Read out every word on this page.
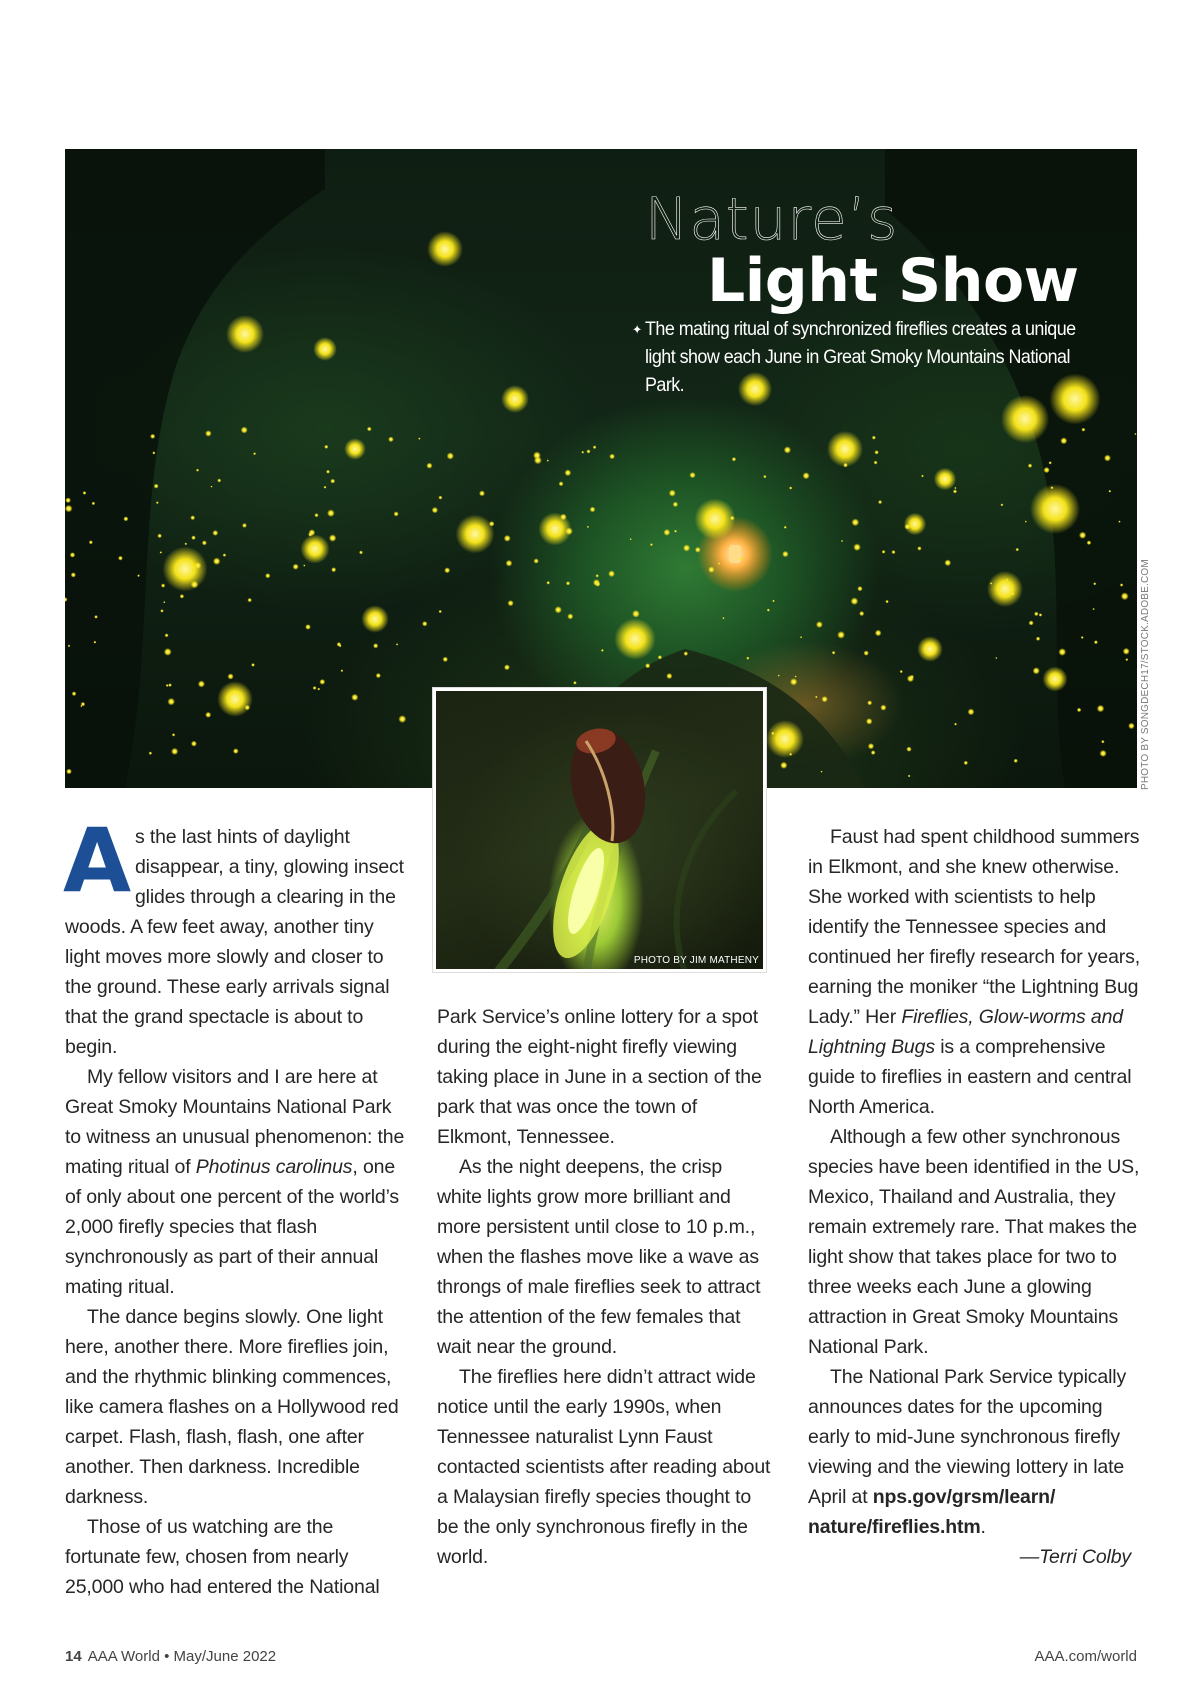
Nature’s
Light Show
✦ The mating ritual of synchronized fireflies creates a unique light show each June in Great Smoky Mountains National Park.
PHOTO BY SONGDECH17/STOCK.ADOBE.COM
PHOTO BY JIM MATHENY

As the last hints of daylight disappear, a tiny, glowing insect glides through a clearing in the woods. A few feet away, another tiny light moves more slowly and closer to the ground. These early arrivals signal that the grand spectacle is about to begin.

My fellow visitors and I are here at Great Smoky Mountains National Park to witness an unusual phenomenon: the mating ritual of Photinus carolinus, one of only about one percent of the world’s 2,000 firefly species that flash synchronously as part of their annual mating ritual.

The dance begins slowly. One light here, another there. More fireflies join, and the rhythmic blinking commences, like camera flashes on a Hollywood red carpet. Flash, flash, flash, one after another. Then darkness. Incredible darkness.

Those of us watching are the fortunate few, chosen from nearly 25,000 who had entered the National

Park Service’s online lottery for a spot during the eight-night firefly viewing taking place in June in a section of the park that was once the town of Elkmont, Tennessee.

As the night deepens, the crisp white lights grow more brilliant and more persistent until close to 10 p.m., when the flashes move like a wave as throngs of male fireflies seek to attract the attention of the few females that wait near the ground.

The fireflies here didn’t attract wide notice until the early 1990s, when Tennessee naturalist Lynn Faust contacted scientists after reading about a Malaysian firefly species thought to be the only synchronous firefly in the world.

Faust had spent childhood summers in Elkmont, and she knew otherwise. She worked with scientists to help identify the Tennessee species and continued her firefly research for years, earning the moniker “the Lightning Bug Lady.” Her Fireflies, Glow-worms and Lightning Bugs is a comprehensive guide to fireflies in eastern and central North America.

Although a few other synchronous species have been identified in the US, Mexico, Thailand and Australia, they remain extremely rare. That makes the light show that takes place for two to three weeks each June a glowing attraction in Great Smoky Mountains National Park.

The National Park Service typically announces dates for the upcoming early to mid-June synchronous firefly viewing and the viewing lottery in late April at nps.gov/grsm/learn/ nature/fireflies.htm.

—Terri Colby

14 AAA World • May/June 2022	AAA.com/world
